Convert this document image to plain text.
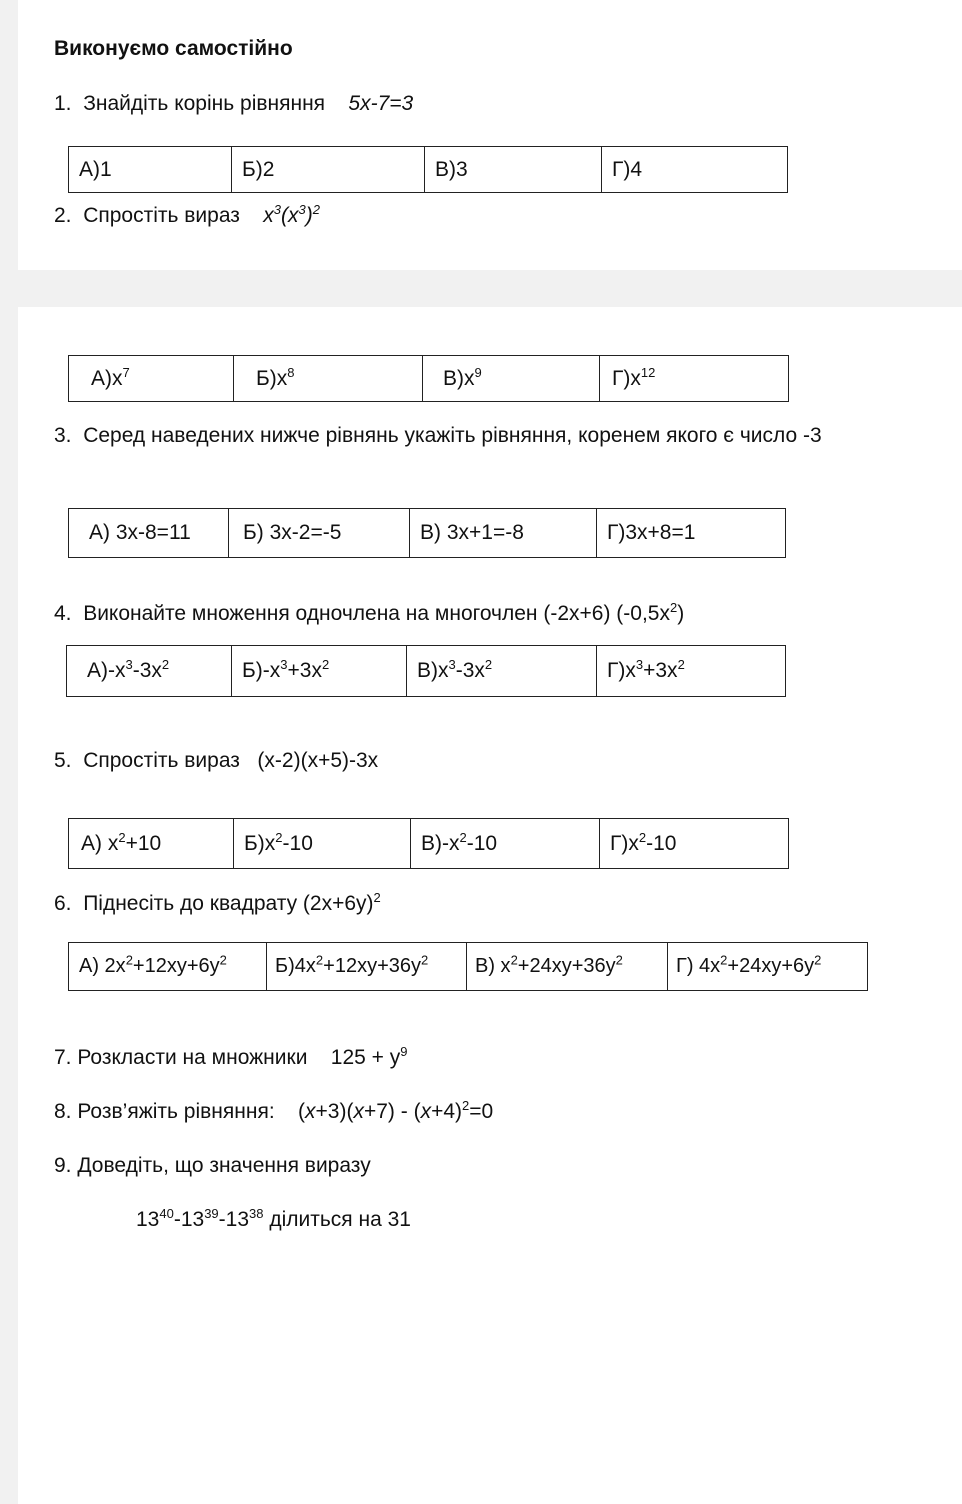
Виконуємо самостійно
1. Знайдіть корінь рівняння 5x-7=3
А)1	Б)2	В)3	Г)4
2. Спростіть вираз $x^3(x^3)^2$
$А)x^7$	$Б)x^8$	$В)x^9$	$Г)x^{12}$
3. Серед наведених нижче рівнянь укажіть рівняння, коренем якого є число -3
А) 3x-8=11	Б) 3x-2=-5	В) 3x+1=-8	Г)3x+8=1
4. Виконайте множення одночлена на многочлен (-2x+6) $(-0,5x^2)$
$А)-x^3-3x^2$	$Б)-x^3+3x^2$	$В)x^3-3x^2$	$Г)x^3+3x^2$
5. Спростіть вираз (x-2)(x+5)-3x
А) $x^2+10$	$Б)x^2-10$	$В)-x^2-10$	$Г)x^2-10$
6. Піднесіть до квадрату $(2x+6y)^2$
А) $2x^2+12xy+6y^2$	$Б)4x^2+12xy+36y^2$	В) $x^2+24xy+36y^2$	Г) $4x^2+24xy+6y^2$
7. Розкласти на множники $125 + y^9$
8. Розв’яжіть рівняння: $(x+3)(x+7) - (x+4)^2=0$
9. Доведіть, що значення виразу
$13^{40}-13^{39}-13^{38}$ ділиться на 31
